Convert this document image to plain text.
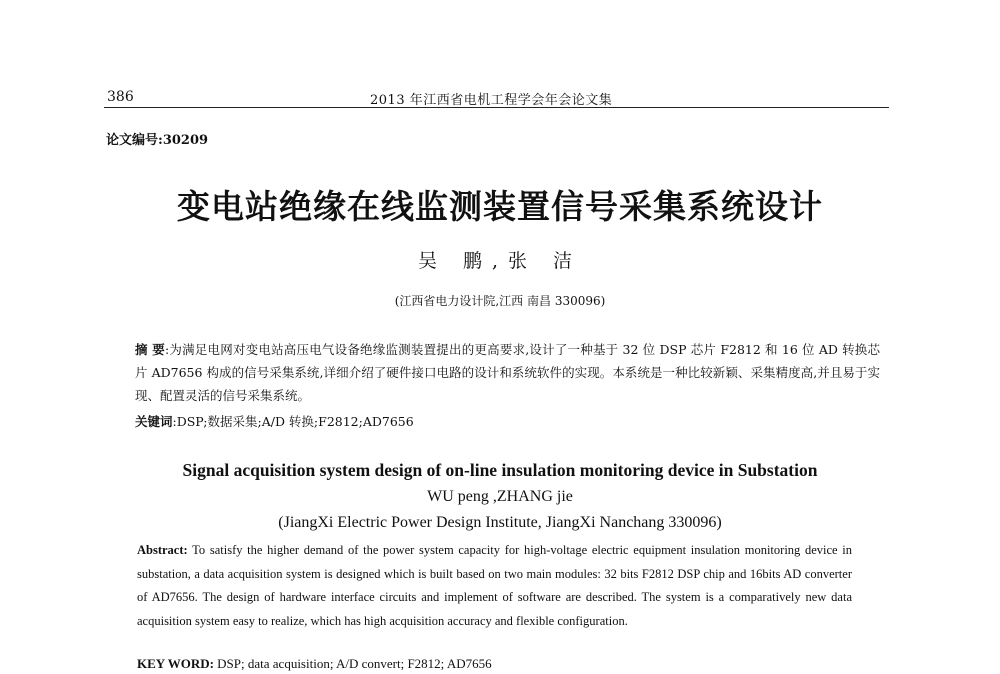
386	2013 年江西省电机工程学会年会论文集
论文编号:30209
变电站绝缘在线监测装置信号采集系统设计
吴 鹏,张 洁
(江西省电力设计院,江西 南昌 330096)
摘 要:为满足电网对变电站高压电气设备绝缘监测装置提出的更高要求,设计了一种基于 32 位 DSP 芯片 F2812 和 16 位 AD 转换芯片 AD7656 构成的信号采集系统,详细介绍了硬件接口电路的设计和系统软件的实现。本系统是一种比较新颖、采集精度高,并且易于实现、配置灵活的信号采集系统。
关键词:DSP;数据采集;A/D 转换;F2812;AD7656
Signal acquisition system design of on-line insulation monitoring device in Substation
WU peng ,ZHANG jie
(JiangXi Electric Power Design Institute, JiangXi Nanchang 330096)
Abstract: To satisfy the higher demand of the power system capacity for high-voltage electric equipment insulation monitoring device in substation, a data acquisition system is designed which is built based on two main modules: 32 bits F2812 DSP chip and 16bits AD converter of AD7656. The design of hardware interface circuits and implement of software are described. The system is a comparatively new data acquisition system easy to realize, which has high acquisition accuracy and flexible configuration.
KEY WORD: DSP; data acquisition; A/D convert; F2812; AD7656
